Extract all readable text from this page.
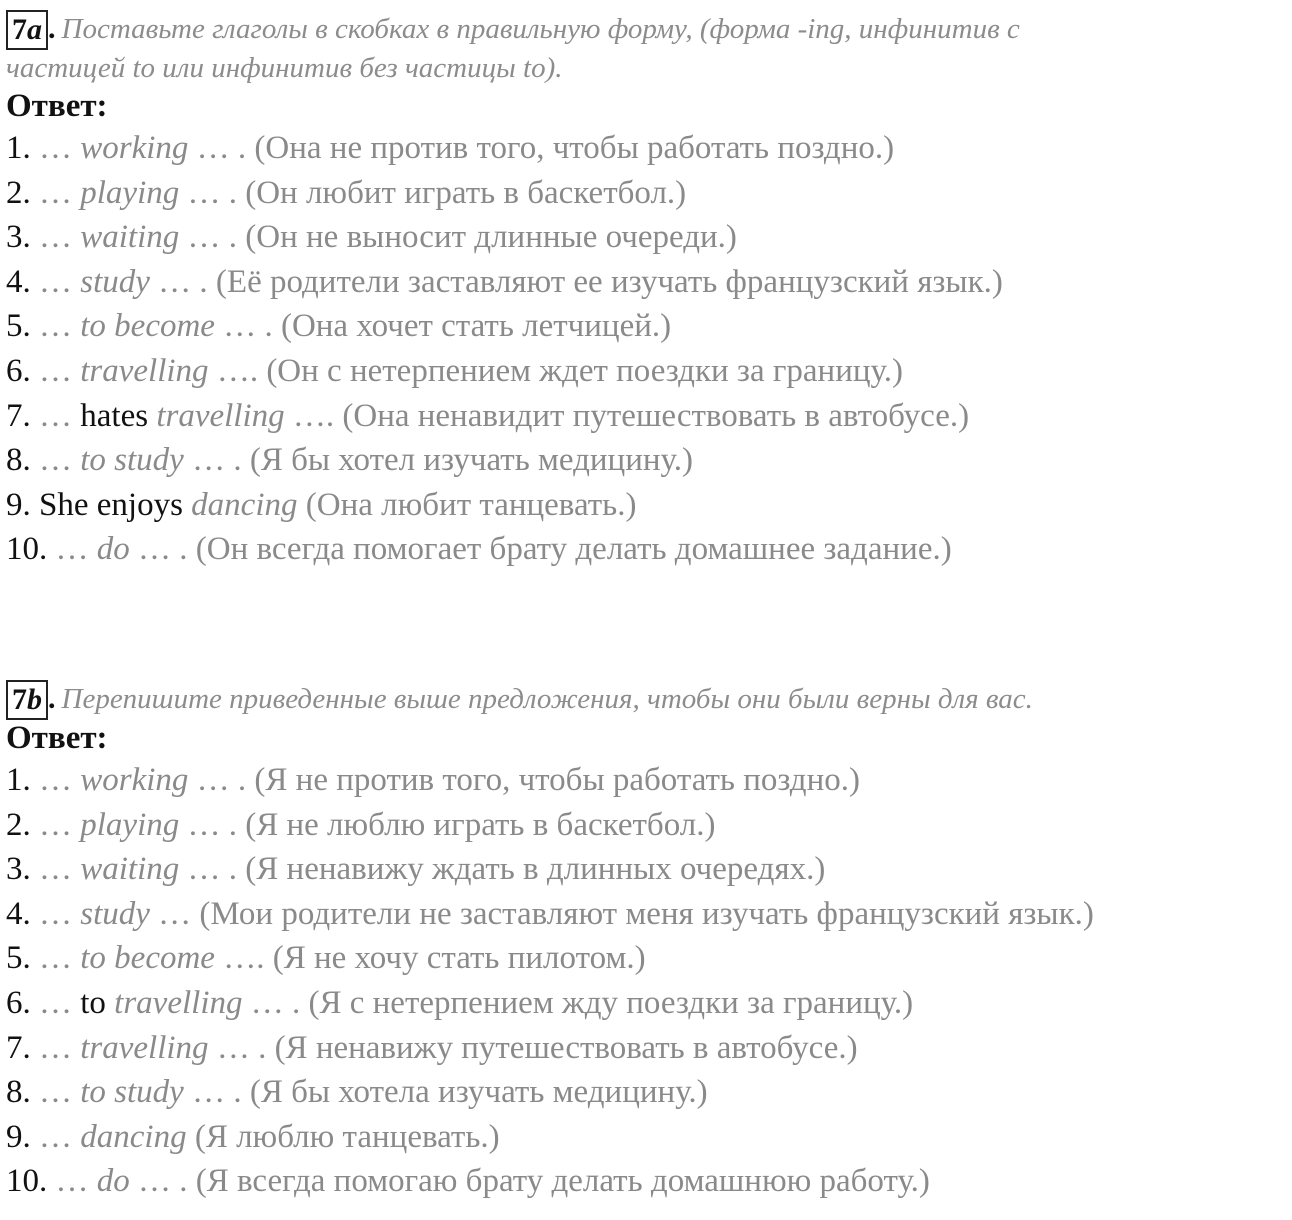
7a . Поставьте глаголы в скобках в правильную форму, (форма -ing, инфинитив с
частицей to или инфинитив без частицы to).
Ответ:
1. … working … . (Она не против того, чтобы работать поздно.)
2. … playing … . (Он любит играть в баскетбол.)
3. … waiting … . (Он не выносит длинные очереди.)
4. … study … . (Её родители заставляют ее изучать французский язык.)
5. … to become … . (Она хочет стать летчицей.)
6. … travelling …. (Он с нетерпением ждет поездки за границу.)
7. … hates travelling …. (Она ненавидит путешествовать в автобусе.)
8. … to study … . (Я бы хотел изучать медицину.)
9. She enjoys dancing (Она любит танцевать.)
10. … do … . (Он всегда помогает брату делать домашнее задание.)
7b . Перепишите приведенные выше предложения, чтобы они были верны для вас.
Ответ:
1. … working … . (Я не против того, чтобы работать поздно.)
2. … playing … . (Я не люблю играть в баскетбол.)
3. … waiting … . (Я ненавижу ждать в длинных очередях.)
4. … study … (Мои родители не заставляют меня изучать французский язык.)
5. … to become …. (Я не хочу стать пилотом.)
6. … to travelling … . (Я с нетерпением жду поездки за границу.)
7. … travelling … . (Я ненавижу путешествовать в автобусе.)
8. … to study … . (Я бы хотела изучать медицину.)
9. … dancing (Я люблю танцевать.)
10. … do … . (Я всегда помогаю брату делать домашнюю работу.)
